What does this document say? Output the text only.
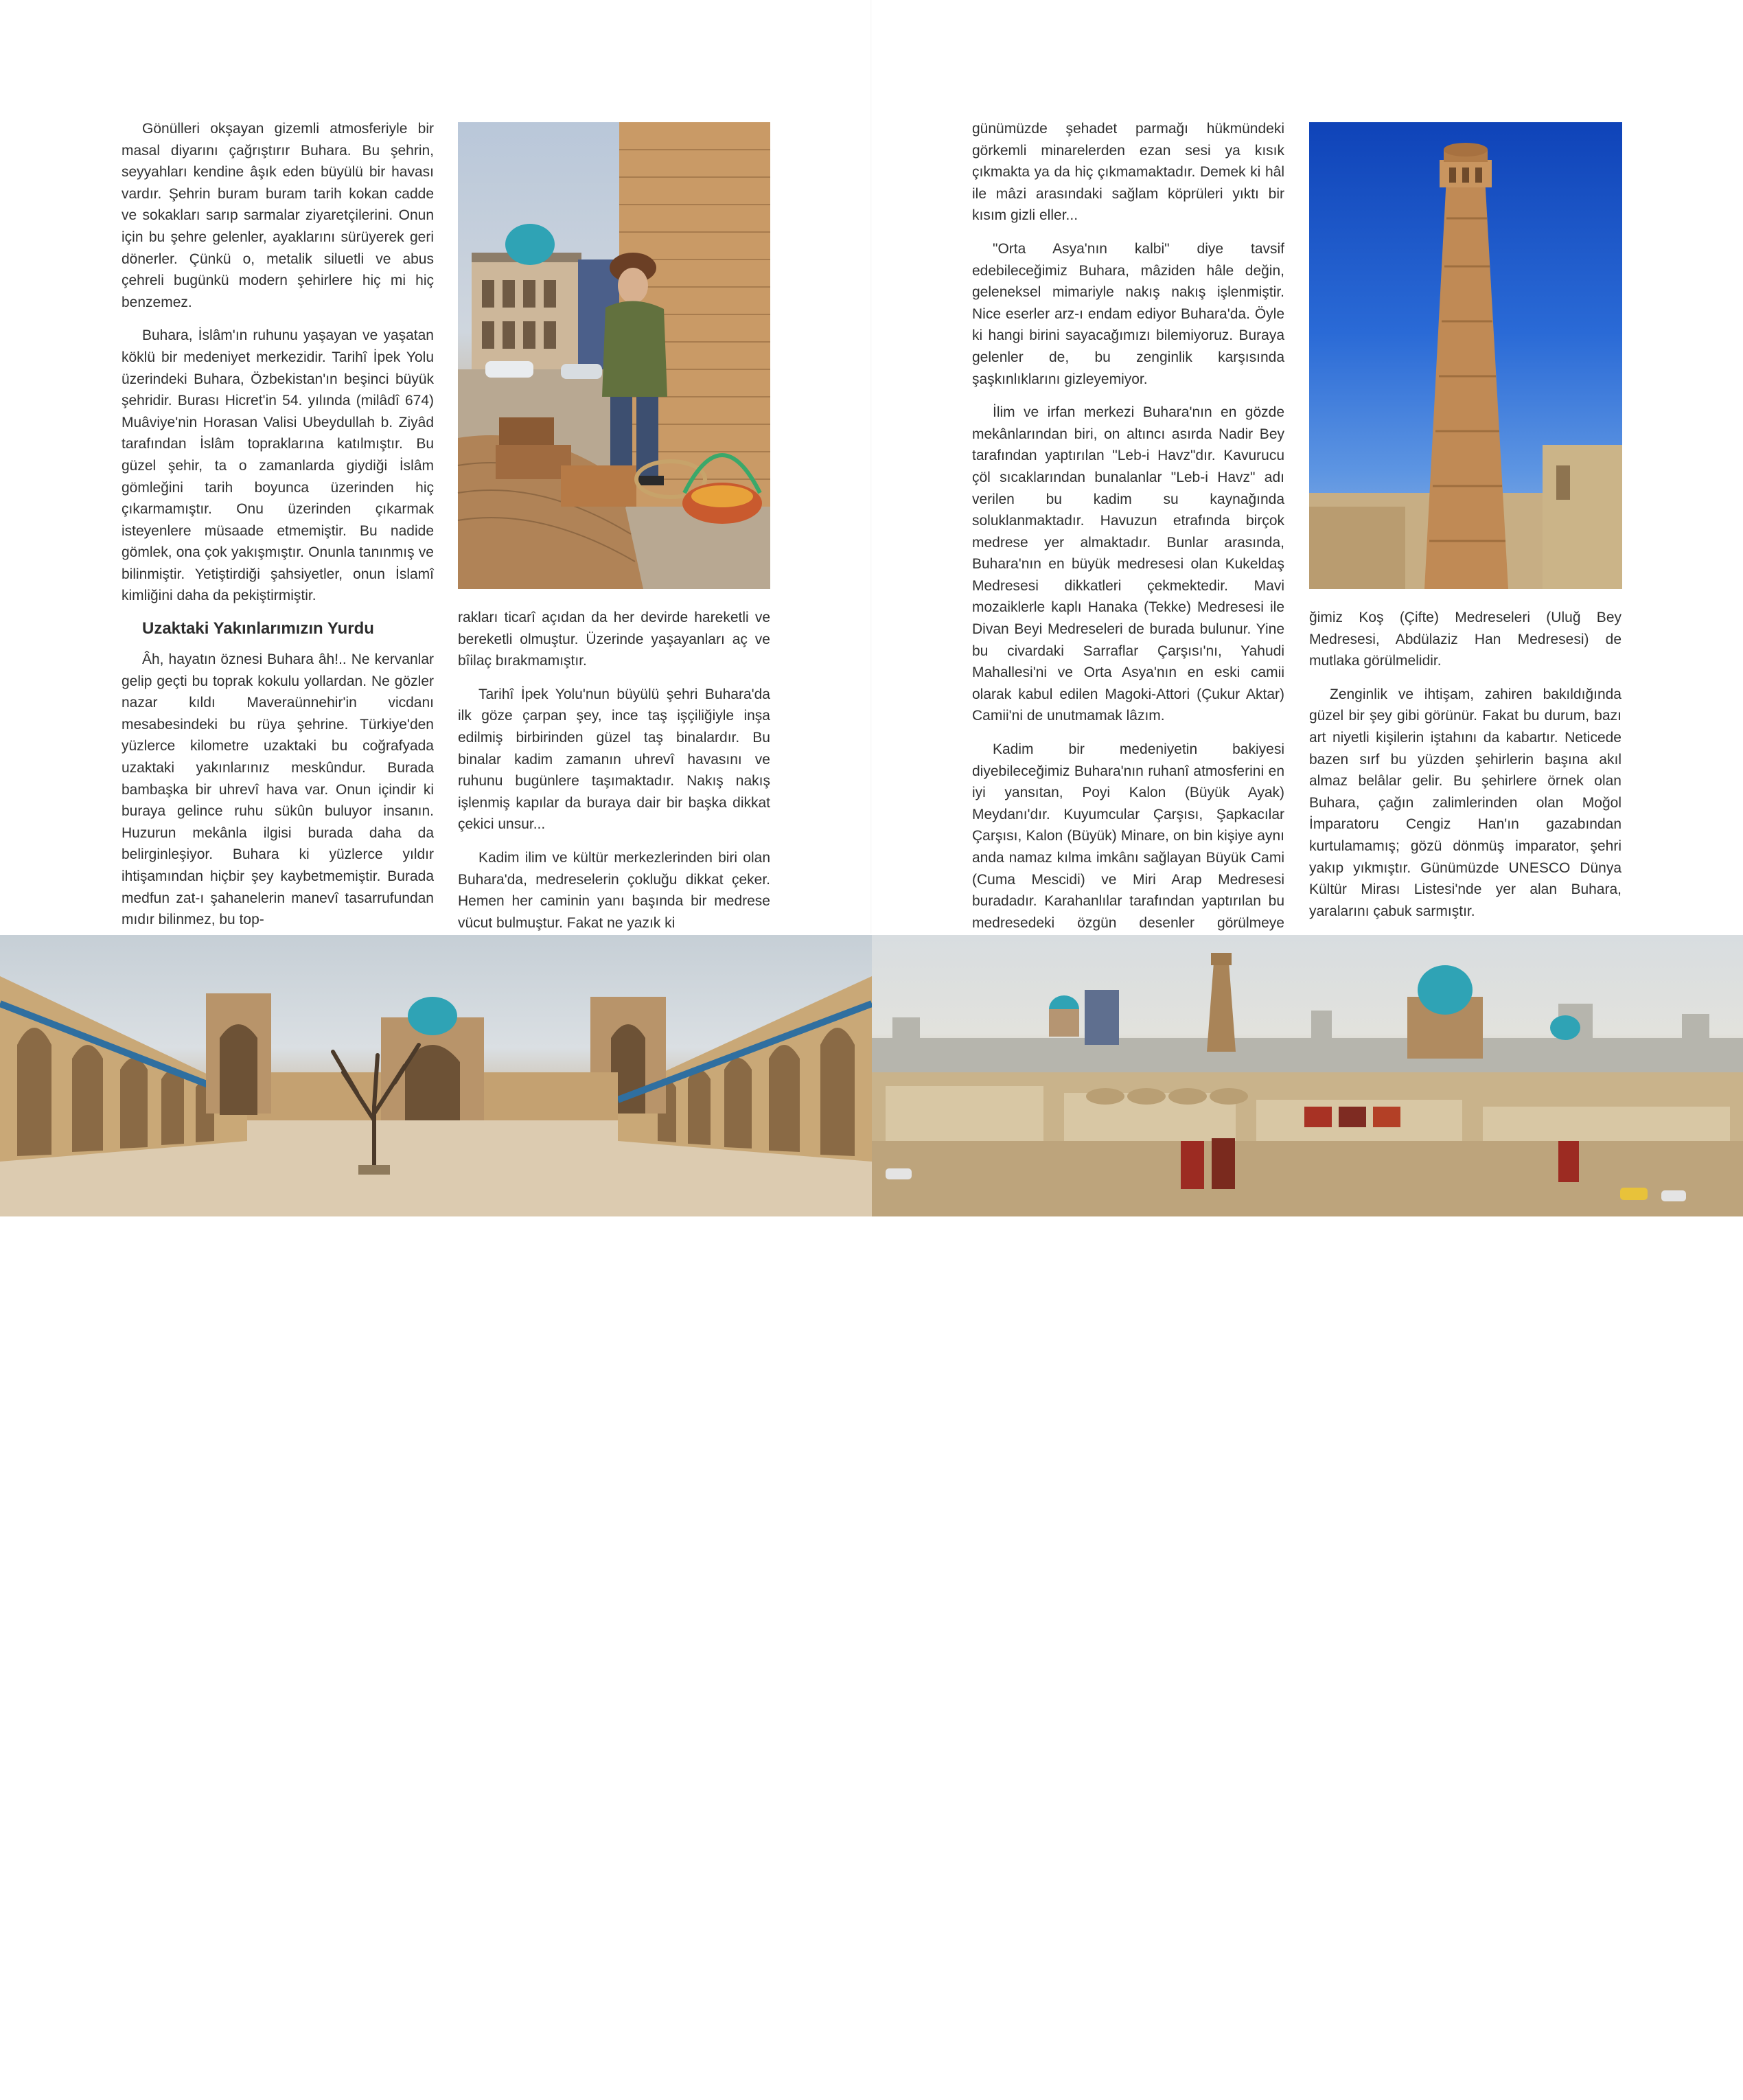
Gönülleri okşayan gizemli atmosferiyle bir masal diyarını çağrıştırır Buhara. Bu şehrin, seyyahları kendine âşık eden büyülü bir havası vardır. Şehrin buram buram tarih kokan cadde ve sokakları sarıp sarmalar ziyaretçilerini. Onun için bu şehre gelenler, ayaklarını sürüyerek geri dönerler. Çünkü o, metalik siluetli ve abus çehreli bugünkü modern şehirlere hiç mi hiç benzemez.

Buhara, İslâm'ın ruhunu yaşayan ve yaşatan köklü bir medeniyet merkezidir. Tarihî İpek Yolu üzerindeki Buhara, Özbekistan'ın beşinci büyük şehridir. Burası Hicret'in 54. yılında (milâdî 674) Muâviye'nin Horasan Valisi Ubeydullah b. Ziyâd tarafından İslâm topraklarına katılmıştır. Bu güzel şehir, ta o zamanlarda giydiği İslâm gömleğini tarih boyunca üzerinden hiç çıkarmamıştır. Onu üzerinden çıkarmak isteyenlere müsaade etmemiştir. Bu nadide gömlek, ona çok yakışmıştır. Onunla tanınmış ve bilinmiştir. Yetiştirdiği şahsiyetler, onun İslamî kimliğini daha da pekiştirmiştir.

Uzaktaki Yakınlarımızın Yurdu

Âh, hayatın öznesi Buhara âh!.. Ne kervanlar gelip geçti bu toprak kokulu yollardan. Ne gözler nazar kıldı Maveraünnehir'in vicdanı mesabesindeki bu rüya şehrine. Türkiye'den yüzlerce kilometre uzaktaki bu coğrafyada uzaktaki yakınlarınız meskûndur. Burada bambaşka bir uhrevî hava var. Onun içindir ki buraya gelince ruhu sükûn buluyor insanın. Huzurun mekânla ilgisi burada daha da belirginleşiyor. Buhara ki yüzlerce yıldır ihtişamından hiçbir şey kaybetmemiştir. Burada medfun zat-ı şahanelerin manevî tasarrufundan mıdır bilinmez, bu top-

rakları ticarî açıdan da her devirde hareketli ve bereketli olmuştur. Üzerinde yaşayanları aç ve bîilaç bırakmamıştır.

Tarihî İpek Yolu'nun büyülü şehri Buhara'da ilk göze çarpan şey, ince taş işçiliğiyle inşa edilmiş birbirinden güzel taş binalardır. Bu binalar kadim zamanın uhrevî havasını ve ruhunu bugünlere taşımaktadır. Nakış nakış işlenmiş kapılar da buraya dair bir başka dikkat çekici unsur...

Kadim ilim ve kültür merkezlerinden biri olan Buhara'da, medreselerin çokluğu dikkat çeker. Hemen her caminin yanı başında bir medrese vücut bulmuştur. Fakat ne yazık ki

günümüzde şehadet parmağı hükmündeki görkemli minarelerden ezan sesi ya kısık çıkmakta ya da hiç çıkmamaktadır. Demek ki hâl ile mâzi arasındaki sağlam köprüleri yıktı bir kısım gizli eller...

"Orta Asya'nın kalbi" diye tavsif edebileceğimiz Buhara, mâziden hâle değin, geleneksel mimariyle nakış nakış işlenmiştir. Nice eserler arz-ı endam ediyor Buhara'da. Öyle ki hangi birini sayacağımızı bilemiyoruz. Buraya gelenler de, bu zenginlik karşısında şaşkınlıklarını gizleyemiyor.

İlim ve irfan merkezi Buhara'nın en gözde mekânlarından biri, on altıncı asırda Nadir Bey tarafından yaptırılan "Leb-i Havz"dır. Kavurucu çöl sıcaklarından bunalanlar "Leb-i Havz" adı verilen bu kadim su kaynağında soluklanmaktadır. Havuzun etrafında birçok medrese yer almaktadır. Bunlar arasında, Buhara'nın en büyük medresesi olan Kukeldaş Medresesi dikkatleri çekmektedir. Mavi mozaiklerle kaplı Hanaka (Tekke) Medresesi ile Divan Beyi Medreseleri de burada bulunur. Yine bu civardaki Sarraflar Çarşısı'nı, Yahudi Mahallesi'ni ve Orta Asya'nın en eski camii olarak kabul edilen Magoki-Attori (Çukur Aktar) Camii'ni de unutmamak lâzım.

Kadim bir medeniyetin bakiyesi diyebileceğimiz Buhara'nın ruhanî atmosferini en iyi yansıtan, Poyi Kalon (Büyük Ayak) Meydanı'dır. Kuyumcular Çarşısı, Şapkacılar Çarşısı, Kalon (Büyük) Minare, on bin kişiye aynı anda namaz kılma imkânı sağlayan Büyük Cami (Cuma Mescidi) ve Miri Arap Medresesi buradadır. Karahanlılar tarafından yaptırılan bu medresedeki özgün desenler görülmeye

ğimiz Koş (Çifte) Medreseleri (Uluğ Bey Medresesi, Abdülaziz Han Medresesi) de mutlaka görülmelidir.

Zenginlik ve ihtişam, zahiren bakıldığında güzel bir şey gibi görünür. Fakat bu durum, bazı art niyetli kişilerin iştahını da kabartır. Neticede bazen sırf bu yüzden şehirlerin başına akıl almaz belâlar gelir. Bu şehirlere örnek olan Buhara, çağın zalimlerinden olan Moğol İmparatoru Cengiz Han'ın gazabından kurtulamamış; gözü dönmüş imparator, şehri yakıp yıkmıştır. Günümüzde UNESCO Dünya Kültür Mirası Listesi'nde yer alan Buhara, yaralarını çabuk sarmıştır.

Şehir · 2024	Şehir · 2025
